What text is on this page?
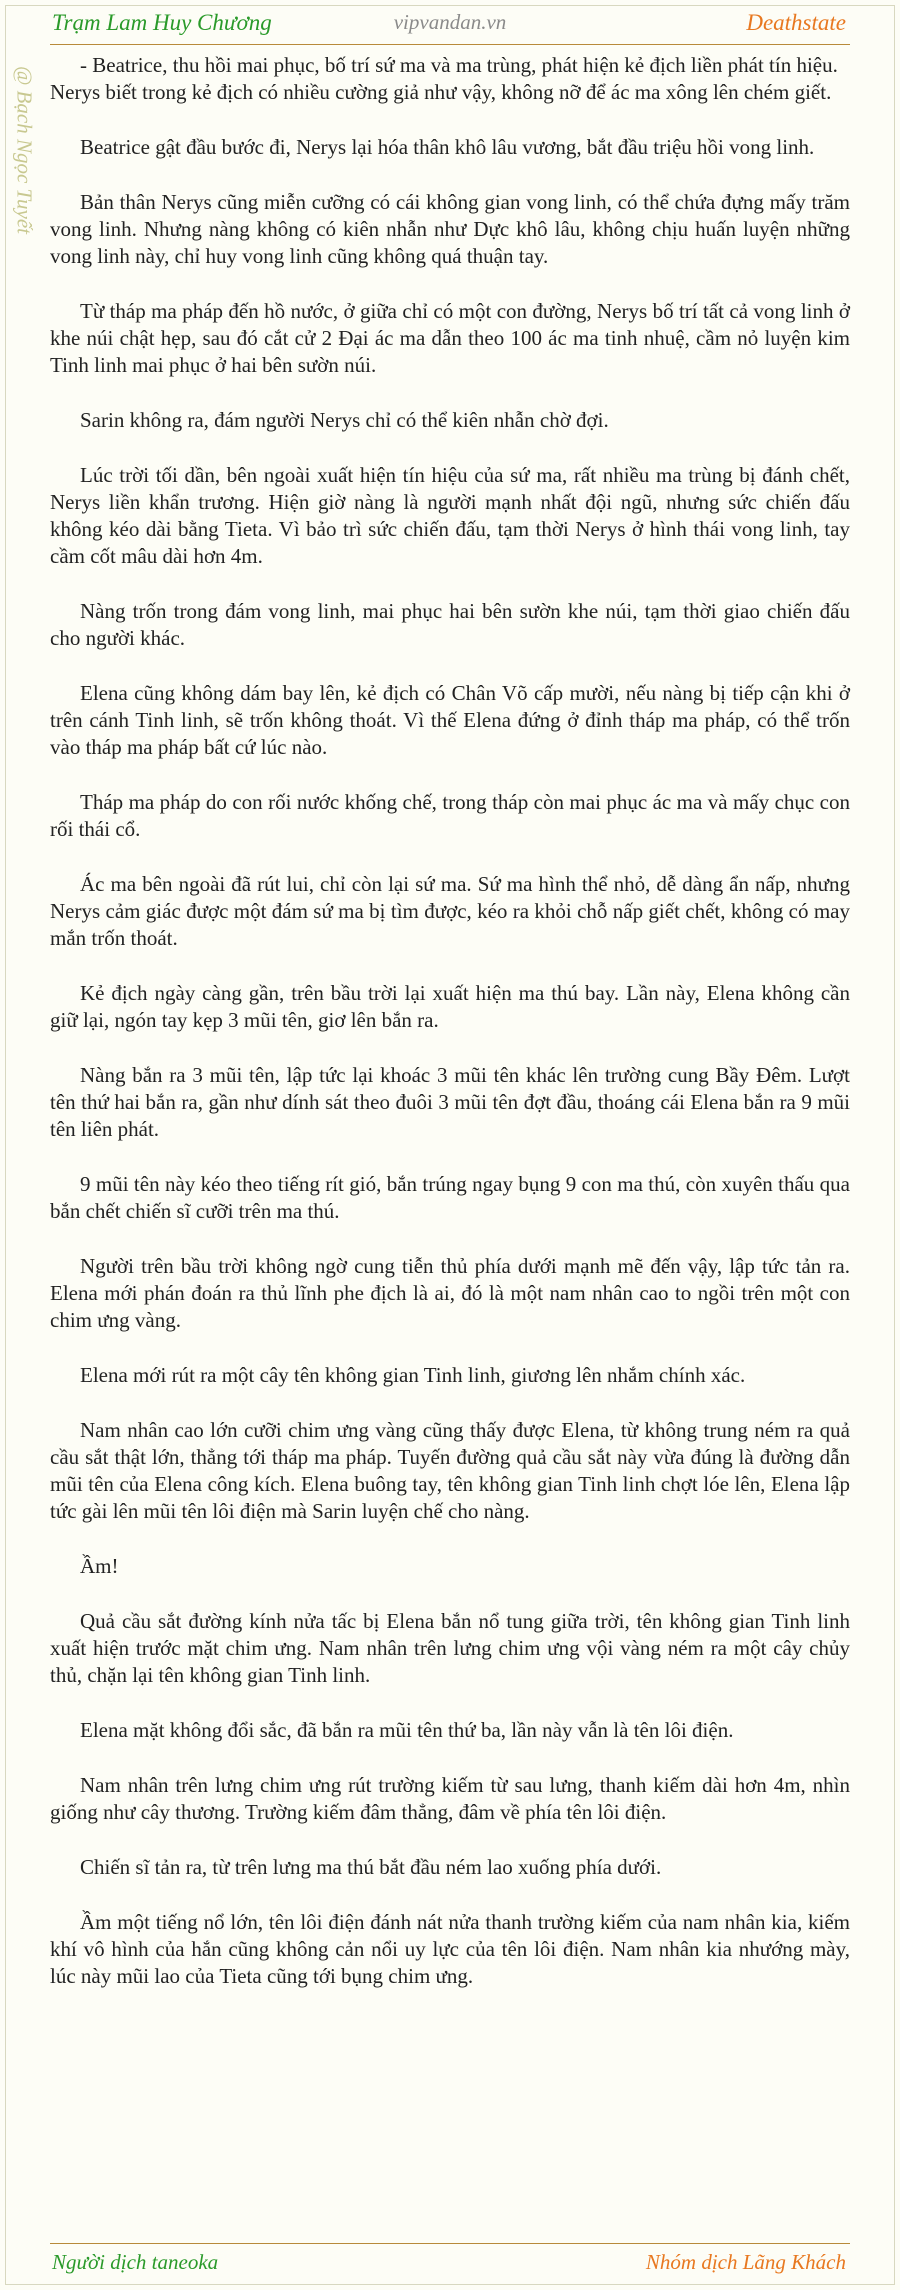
Trạm Lam Huy Chương	vipvandan.vn	Deathstate
@ Bạch Ngọc Tuyết

- Beatrice, thu hồi mai phục, bố trí sứ ma và ma trùng, phát hiện kẻ địch liền phát tín hiệu.
Nerys biết trong kẻ địch có nhiều cường giả như vậy, không nỡ để ác ma xông lên chém giết.

Beatrice gật đầu bước đi, Nerys lại hóa thân khô lâu vương, bắt đầu triệu hồi vong linh.

Bản thân Nerys cũng miễn cưỡng có cái không gian vong linh, có thể chứa đựng mấy trăm vong linh. Nhưng nàng không có kiên nhẫn như Dực khô lâu, không chịu huấn luyện những vong linh này, chỉ huy vong linh cũng không quá thuận tay.

Từ tháp ma pháp đến hồ nước, ở giữa chỉ có một con đường, Nerys bố trí tất cả vong linh ở khe núi chật hẹp, sau đó cắt cử 2 Đại ác ma dẫn theo 100 ác ma tinh nhuệ, cầm nỏ luyện kim Tinh linh mai phục ở hai bên sườn núi.

Sarin không ra, đám người Nerys chỉ có thể kiên nhẫn chờ đợi.

Lúc trời tối dần, bên ngoài xuất hiện tín hiệu của sứ ma, rất nhiều ma trùng bị đánh chết, Nerys liền khẩn trương. Hiện giờ nàng là người mạnh nhất đội ngũ, nhưng sức chiến đấu không kéo dài bằng Tieta. Vì bảo trì sức chiến đấu, tạm thời Nerys ở hình thái vong linh, tay cầm cốt mâu dài hơn 4m.

Nàng trốn trong đám vong linh, mai phục hai bên sườn khe núi, tạm thời giao chiến đấu cho người khác.

Elena cũng không dám bay lên, kẻ địch có Chân Võ cấp mười, nếu nàng bị tiếp cận khi ở trên cánh Tinh linh, sẽ trốn không thoát. Vì thế Elena đứng ở đỉnh tháp ma pháp, có thể trốn vào tháp ma pháp bất cứ lúc nào.

Tháp ma pháp do con rối nước khống chế, trong tháp còn mai phục ác ma và mấy chục con rối thái cổ.

Ác ma bên ngoài đã rút lui, chỉ còn lại sứ ma. Sứ ma hình thể nhỏ, dễ dàng ẩn nấp, nhưng Nerys cảm giác được một đám sứ ma bị tìm được, kéo ra khỏi chỗ nấp giết chết, không có may mắn trốn thoát.

Kẻ địch ngày càng gần, trên bầu trời lại xuất hiện ma thú bay. Lần này, Elena không cần giữ lại, ngón tay kẹp 3 mũi tên, giơ lên bắn ra.

Nàng bắn ra 3 mũi tên, lập tức lại khoác 3 mũi tên khác lên trường cung Bầy Đêm. Lượt tên thứ hai bắn ra, gần như dính sát theo đuôi 3 mũi tên đợt đầu, thoáng cái Elena bắn ra 9 mũi tên liên phát.

9 mũi tên này kéo theo tiếng rít gió, bắn trúng ngay bụng 9 con ma thú, còn xuyên thấu qua bắn chết chiến sĩ cưỡi trên ma thú.

Người trên bầu trời không ngờ cung tiễn thủ phía dưới mạnh mẽ đến vậy, lập tức tản ra. Elena mới phán đoán ra thủ lĩnh phe địch là ai, đó là một nam nhân cao to ngồi trên một con chim ưng vàng.

Elena mới rút ra một cây tên không gian Tinh linh, giương lên nhắm chính xác.

Nam nhân cao lớn cưỡi chim ưng vàng cũng thấy được Elena, từ không trung ném ra quả cầu sắt thật lớn, thẳng tới tháp ma pháp. Tuyến đường quả cầu sắt này vừa đúng là đường dẫn mũi tên của Elena công kích. Elena buông tay, tên không gian Tinh linh chợt lóe lên, Elena lập tức gài lên mũi tên lôi điện mà Sarin luyện chế cho nàng.

Ầm!

Quả cầu sắt đường kính nửa tấc bị Elena bắn nổ tung giữa trời, tên không gian Tinh linh xuất hiện trước mặt chim ưng. Nam nhân trên lưng chim ưng vội vàng ném ra một cây chủy thủ, chặn lại tên không gian Tinh linh.

Elena mặt không đổi sắc, đã bắn ra mũi tên thứ ba, lần này vẫn là tên lôi điện.

Nam nhân trên lưng chim ưng rút trường kiếm từ sau lưng, thanh kiếm dài hơn 4m, nhìn giống như cây thương. Trường kiếm đâm thẳng, đâm về phía tên lôi điện.

Chiến sĩ tản ra, từ trên lưng ma thú bắt đầu ném lao xuống phía dưới.

Ầm một tiếng nổ lớn, tên lôi điện đánh nát nửa thanh trường kiếm của nam nhân kia, kiếm khí vô hình của hắn cũng không cản nổi uy lực của tên lôi điện. Nam nhân kia nhướng mày, lúc này mũi lao của Tieta cũng tới bụng chim ưng.

Người dịch taneoka	Nhóm dịch Lãng Khách
